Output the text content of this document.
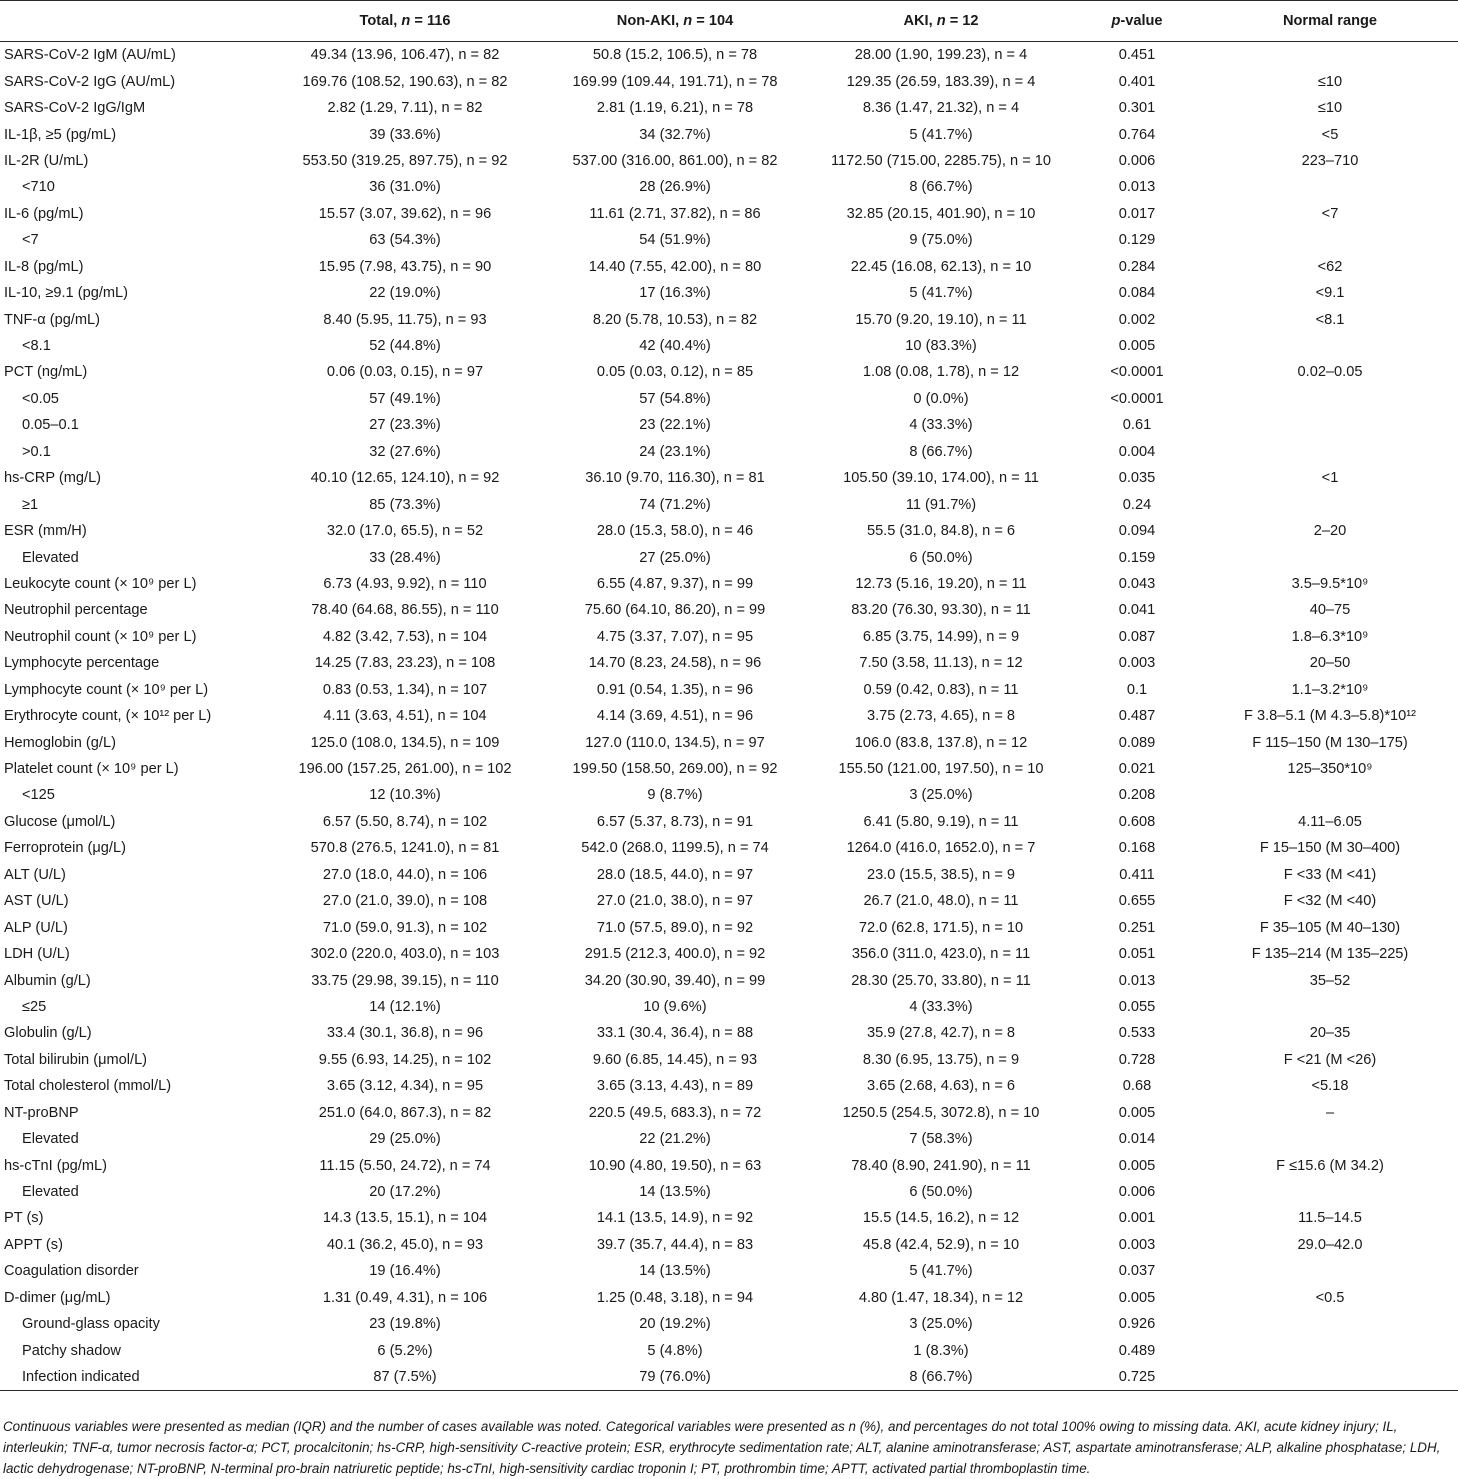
	Total, n = 116	Non-AKI, n = 104	AKI, n = 12	p-value	Normal range
SARS-CoV-2 IgM (AU/mL)	49.34 (13.96, 106.47), n = 82	50.8 (15.2, 106.5), n = 78	28.00 (1.90, 199.23), n = 4	0.451	
SARS-CoV-2 IgG (AU/mL)	169.76 (108.52, 190.63), n = 82	169.99 (109.44, 191.71), n = 78	129.35 (26.59, 183.39), n = 4	0.401	≤10
SARS-CoV-2 IgG/IgM	2.82 (1.29, 7.11), n = 82	2.81 (1.19, 6.21), n = 78	8.36 (1.47, 21.32), n = 4	0.301	≤10
IL-1β, ≥5 (pg/mL)	39 (33.6%)	34 (32.7%)	5 (41.7%)	0.764	<5
IL-2R (U/mL)	553.50 (319.25, 897.75), n = 92	537.00 (316.00, 861.00), n = 82	1172.50 (715.00, 2285.75), n = 10	0.006	223–710
<710	36 (31.0%)	28 (26.9%)	8 (66.7%)	0.013	
IL-6 (pg/mL)	15.57 (3.07, 39.62), n = 96	11.61 (2.71, 37.82), n = 86	32.85 (20.15, 401.90), n = 10	0.017	<7
<7	63 (54.3%)	54 (51.9%)	9 (75.0%)	0.129	
IL-8 (pg/mL)	15.95 (7.98, 43.75), n = 90	14.40 (7.55, 42.00), n = 80	22.45 (16.08, 62.13), n = 10	0.284	<62
IL-10, ≥9.1 (pg/mL)	22 (19.0%)	17 (16.3%)	5 (41.7%)	0.084	<9.1
TNF-α (pg/mL)	8.40 (5.95, 11.75), n = 93	8.20 (5.78, 10.53), n = 82	15.70 (9.20, 19.10), n = 11	0.002	<8.1
<8.1	52 (44.8%)	42 (40.4%)	10 (83.3%)	0.005	
PCT (ng/mL)	0.06 (0.03, 0.15), n = 97	0.05 (0.03, 0.12), n = 85	1.08 (0.08, 1.78), n = 12	<0.0001	0.02–0.05
<0.05	57 (49.1%)	57 (54.8%)	0 (0.0%)	<0.0001	
0.05–0.1	27 (23.3%)	23 (22.1%)	4 (33.3%)	0.61	
>0.1	32 (27.6%)	24 (23.1%)	8 (66.7%)	0.004	
hs-CRP (mg/L)	40.10 (12.65, 124.10), n = 92	36.10 (9.70, 116.30), n = 81	105.50 (39.10, 174.00), n = 11	0.035	<1
≥1	85 (73.3%)	74 (71.2%)	11 (91.7%)	0.24	
ESR (mm/H)	32.0 (17.0, 65.5), n = 52	28.0 (15.3, 58.0), n = 46	55.5 (31.0, 84.8), n = 6	0.094	2–20
Elevated	33 (28.4%)	27 (25.0%)	6 (50.0%)	0.159	
Leukocyte count (× 10⁹ per L)	6.73 (4.93, 9.92), n = 110	6.55 (4.87, 9.37), n = 99	12.73 (5.16, 19.20), n = 11	0.043	3.5–9.5*10⁹
Neutrophil percentage	78.40 (64.68, 86.55), n = 110	75.60 (64.10, 86.20), n = 99	83.20 (76.30, 93.30), n = 11	0.041	40–75
Neutrophil count (× 10⁹ per L)	4.82 (3.42, 7.53), n = 104	4.75 (3.37, 7.07), n = 95	6.85 (3.75, 14.99), n = 9	0.087	1.8–6.3*10⁹
Lymphocyte percentage	14.25 (7.83, 23.23), n = 108	14.70 (8.23, 24.58), n = 96	7.50 (3.58, 11.13), n = 12	0.003	20–50
Lymphocyte count (× 10⁹ per L)	0.83 (0.53, 1.34), n = 107	0.91 (0.54, 1.35), n = 96	0.59 (0.42, 0.83), n = 11	0.1	1.1–3.2*10⁹
Erythrocyte count, (× 10¹² per L)	4.11 (3.63, 4.51), n = 104	4.14 (3.69, 4.51), n = 96	3.75 (2.73, 4.65), n = 8	0.487	F 3.8–5.1 (M 4.3–5.8)*10¹²
Hemoglobin (g/L)	125.0 (108.0, 134.5), n = 109	127.0 (110.0, 134.5), n = 97	106.0 (83.8, 137.8), n = 12	0.089	F 115–150 (M 130–175)
Platelet count (× 10⁹ per L)	196.00 (157.25, 261.00), n = 102	199.50 (158.50, 269.00), n = 92	155.50 (121.00, 197.50), n = 10	0.021	125–350*10⁹
<125	12 (10.3%)	9 (8.7%)	3 (25.0%)	0.208	
Glucose (μmol/L)	6.57 (5.50, 8.74), n = 102	6.57 (5.37, 8.73), n = 91	6.41 (5.80, 9.19), n = 11	0.608	4.11–6.05
Ferroprotein (μg/L)	570.8 (276.5, 1241.0), n = 81	542.0 (268.0, 1199.5), n = 74	1264.0 (416.0, 1652.0), n = 7	0.168	F 15–150 (M 30–400)
ALT (U/L)	27.0 (18.0, 44.0), n = 106	28.0 (18.5, 44.0), n = 97	23.0 (15.5, 38.5), n = 9	0.411	F <33 (M <41)
AST (U/L)	27.0 (21.0, 39.0), n = 108	27.0 (21.0, 38.0), n = 97	26.7 (21.0, 48.0), n = 11	0.655	F <32 (M <40)
ALP (U/L)	71.0 (59.0, 91.3), n = 102	71.0 (57.5, 89.0), n = 92	72.0 (62.8, 171.5), n = 10	0.251	F 35–105 (M 40–130)
LDH (U/L)	302.0 (220.0, 403.0), n = 103	291.5 (212.3, 400.0), n = 92	356.0 (311.0, 423.0), n = 11	0.051	F 135–214 (M 135–225)
Albumin (g/L)	33.75 (29.98, 39.15), n = 110	34.20 (30.90, 39.40), n = 99	28.30 (25.70, 33.80), n = 11	0.013	35–52
≤25	14 (12.1%)	10 (9.6%)	4 (33.3%)	0.055	
Globulin (g/L)	33.4 (30.1, 36.8), n = 96	33.1 (30.4, 36.4), n = 88	35.9 (27.8, 42.7), n = 8	0.533	20–35
Total bilirubin (μmol/L)	9.55 (6.93, 14.25), n = 102	9.60 (6.85, 14.45), n = 93	8.30 (6.95, 13.75), n = 9	0.728	F <21 (M <26)
Total cholesterol (mmol/L)	3.65 (3.12, 4.34), n = 95	3.65 (3.13, 4.43), n = 89	3.65 (2.68, 4.63), n = 6	0.68	<5.18
NT-proBNP	251.0 (64.0, 867.3), n = 82	220.5 (49.5, 683.3), n = 72	1250.5 (254.5, 3072.8), n = 10	0.005	–
Elevated	29 (25.0%)	22 (21.2%)	7 (58.3%)	0.014	
hs-cTnI (pg/mL)	11.15 (5.50, 24.72), n = 74	10.90 (4.80, 19.50), n = 63	78.40 (8.90, 241.90), n = 11	0.005	F ≤15.6 (M 34.2)
Elevated	20 (17.2%)	14 (13.5%)	6 (50.0%)	0.006	
PT (s)	14.3 (13.5, 15.1), n = 104	14.1 (13.5, 14.9), n = 92	15.5 (14.5, 16.2), n = 12	0.001	11.5–14.5
APPT (s)	40.1 (36.2, 45.0), n = 93	39.7 (35.7, 44.4), n = 83	45.8 (42.4, 52.9), n = 10	0.003	29.0–42.0
Coagulation disorder	19 (16.4%)	14 (13.5%)	5 (41.7%)	0.037	
D-dimer (μg/mL)	1.31 (0.49, 4.31), n = 106	1.25 (0.48, 3.18), n = 94	4.80 (1.47, 18.34), n = 12	0.005	<0.5
Ground-glass opacity	23 (19.8%)	20 (19.2%)	3 (25.0%)	0.926	
Patchy shadow	6 (5.2%)	5 (4.8%)	1 (8.3%)	0.489	
Infection indicated	87 (7.5%)	79 (76.0%)	8 (66.7%)	0.725	
Continuous variables were presented as median (IQR) and the number of cases available was noted. Categorical variables were presented as n (%), and percentages do not total 100% owing to missing data. AKI, acute kidney injury; IL, interleukin; TNF-α, tumor necrosis factor-α; PCT, procalcitonin; hs-CRP, high-sensitivity C-reactive protein; ESR, erythrocyte sedimentation rate; ALT, alanine aminotransferase; AST, aspartate aminotransferase; ALP, alkaline phosphatase; LDH, lactic dehydrogenase; NT-proBNP, N-terminal pro-brain natriuretic peptide; hs-cTnI, high-sensitivity cardiac troponin I; PT, prothrombin time; APTT, activated partial thromboplastin time.
